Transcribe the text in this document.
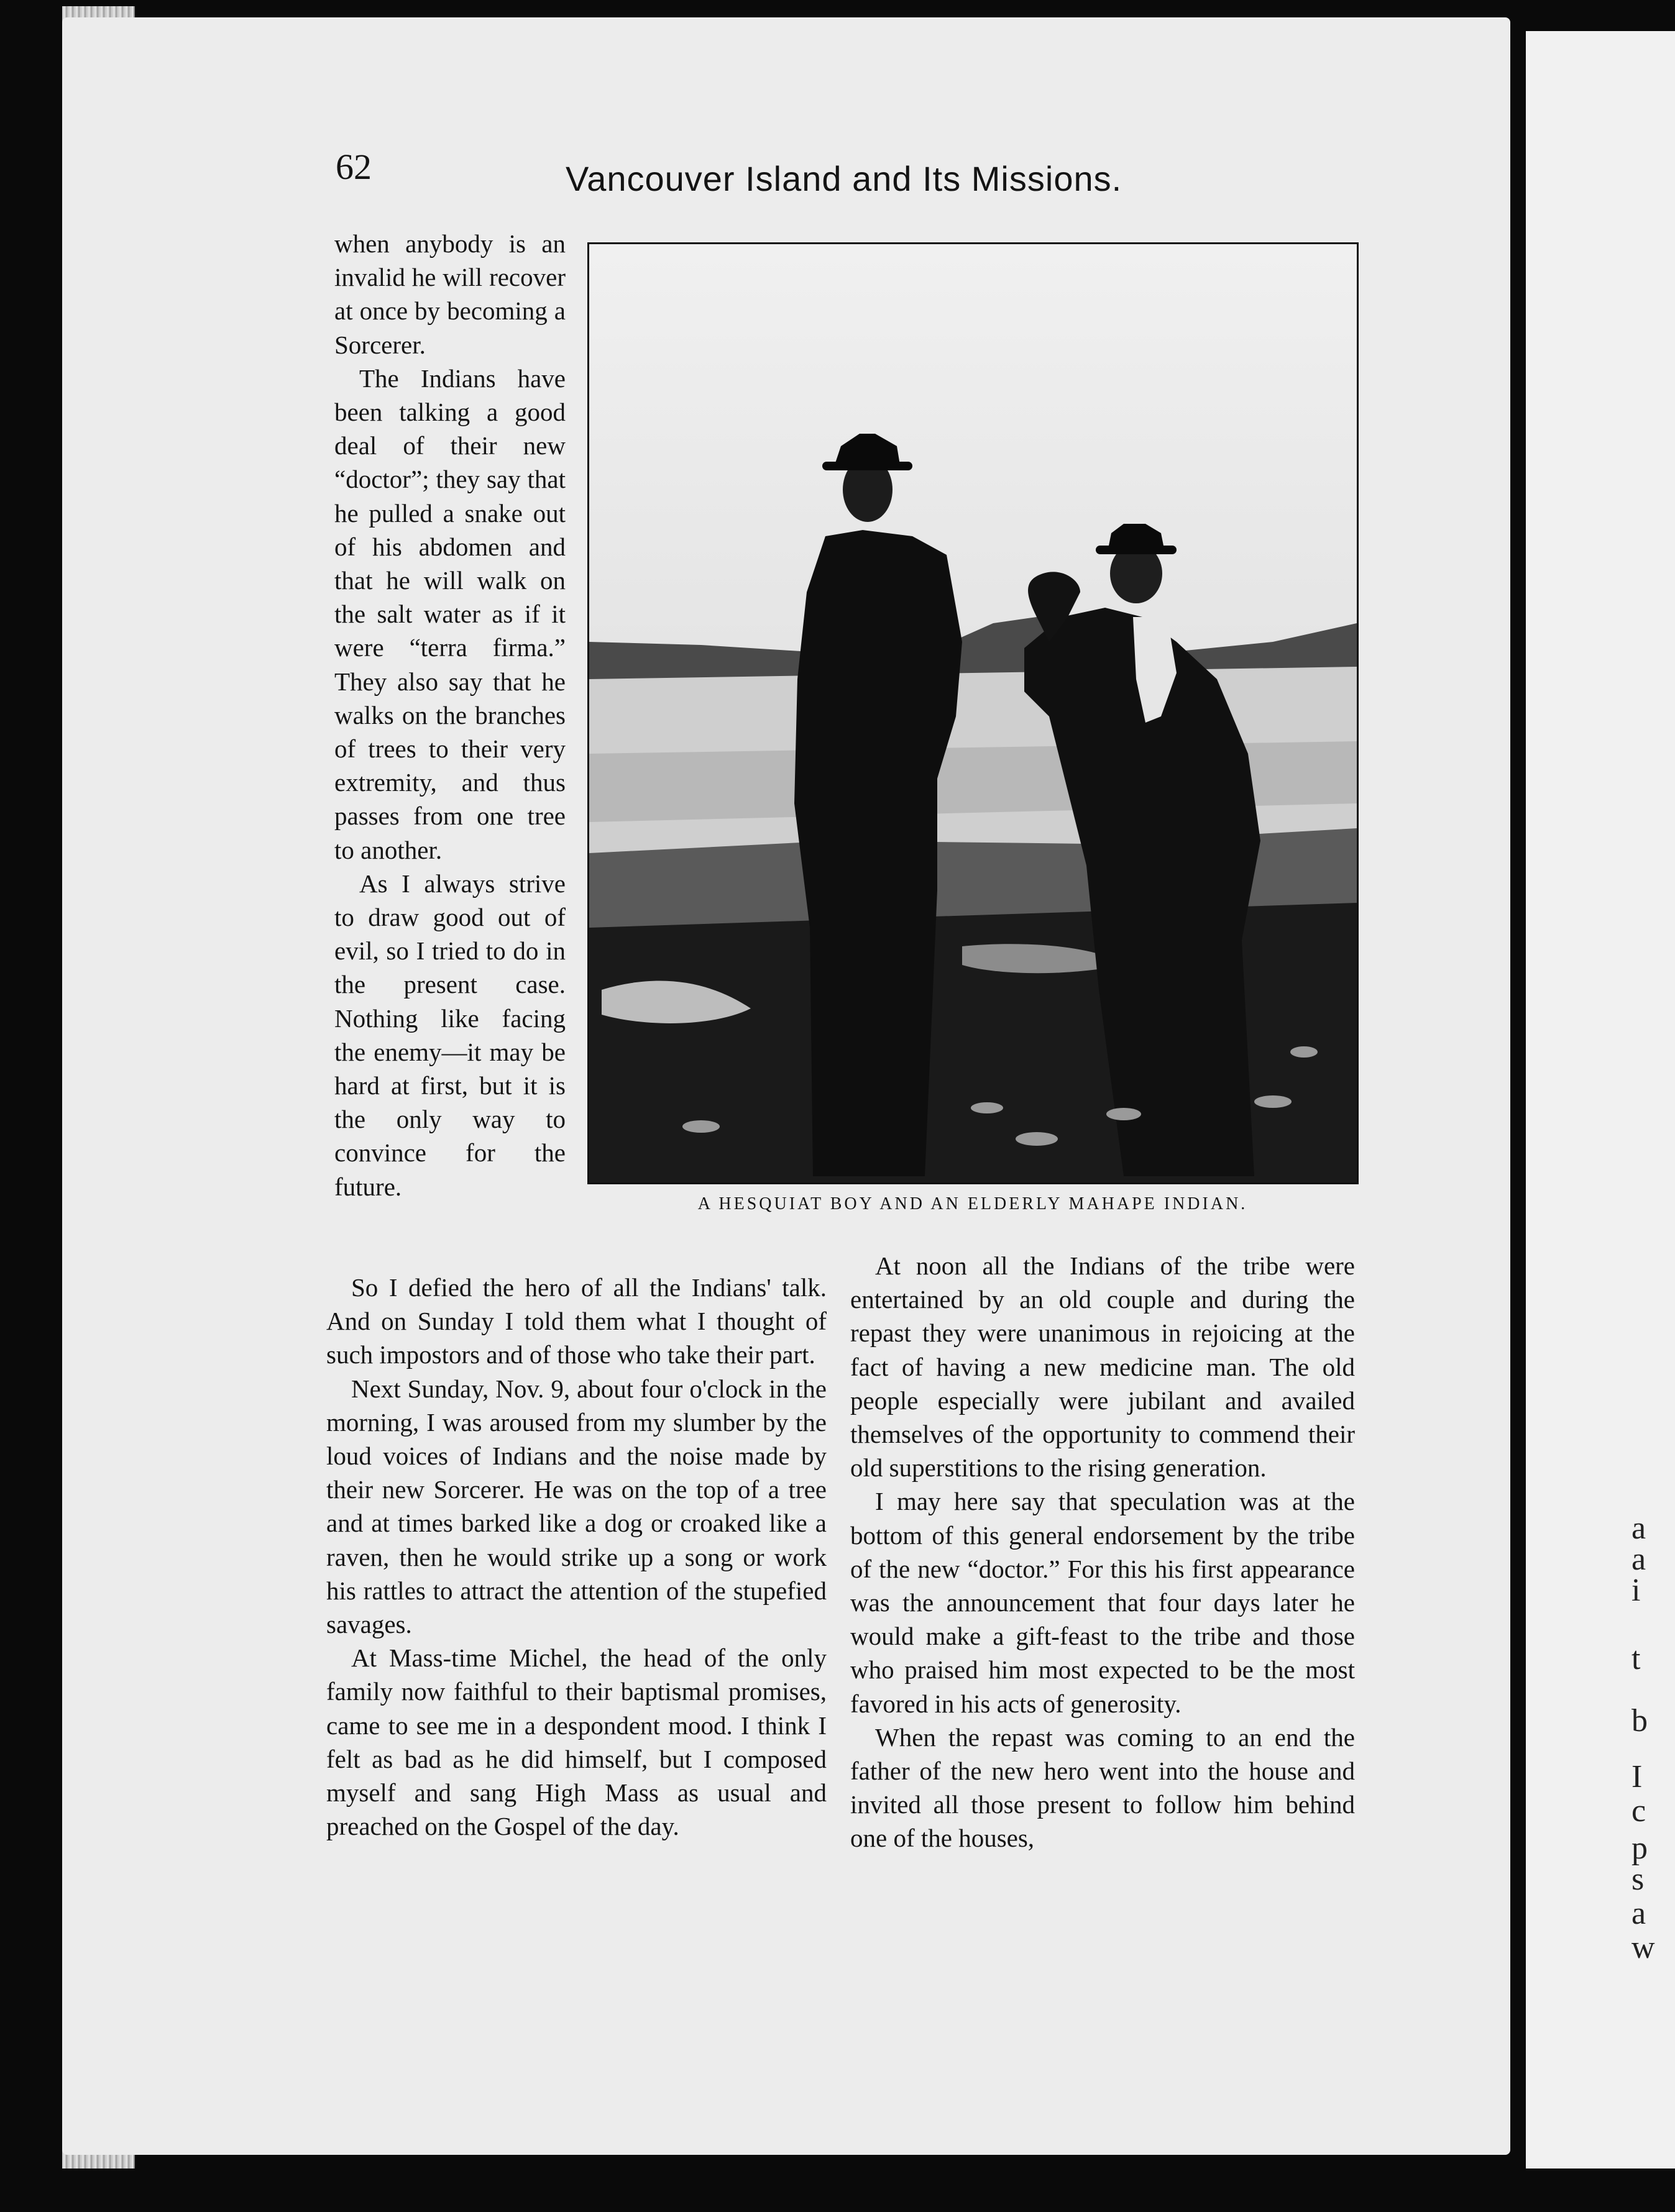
62	Vancouver Island and Its Missions.

when anybody is an invalid he will recover at once by becoming a Sorcerer.

The Indians have been talking a good deal of their new “doctor”; they say that he pulled a snake out of his abdomen and that he will walk on the salt water as if it were “terra firma.” They also say that he walks on the branches of trees to their very extremity, and thus passes from one tree to another.

As I always strive to draw good out of evil, so I tried to do in the present case. Nothing like facing the enemy—it may be hard at first, but it is the only way to convince for the future.

So I defied the hero of all the Indians' talk. And on Sunday I told them what I thought of such impostors and of those who take their part.

Next Sunday, Nov. 9, about four o'clock in the morning, I was aroused from my slumber by the loud voices of Indians and the noise made by their new Sorcerer. He was on the top of a tree and at times barked like a dog or croaked like a raven, then he would strike up a song or work his rattles to attract the attention of the stupefied savages.

At Mass-time Michel, the head of the only family now faithful to their baptismal promises, came to see me in a despondent mood. I think I felt as bad as he did himself, but I composed myself and sang High Mass as usual and preached on the Gospel of the day.

At noon all the Indians of the tribe were entertained by an old couple and during the repast they were unanimous in rejoicing at the fact of having a new medicine man. The old people especially were jubilant and availed themselves of the opportunity to commend their old superstitions to the rising generation.

I may here say that speculation was at the bottom of this general endorsement by the tribe of the new “doctor.” For this his first appearance was the announcement that four days later he would make a gift-feast to the tribe and those who praised him most expected to be the most favored in his acts of generosity.

When the repast was coming to an end the father of the new hero went into the house and invited all those present to follow him behind one of the houses,

A HESQUIAT BOY AND AN ELDERLY MAHAPE INDIAN.
a
a
i
t
b
I
c
p
s
a
w
